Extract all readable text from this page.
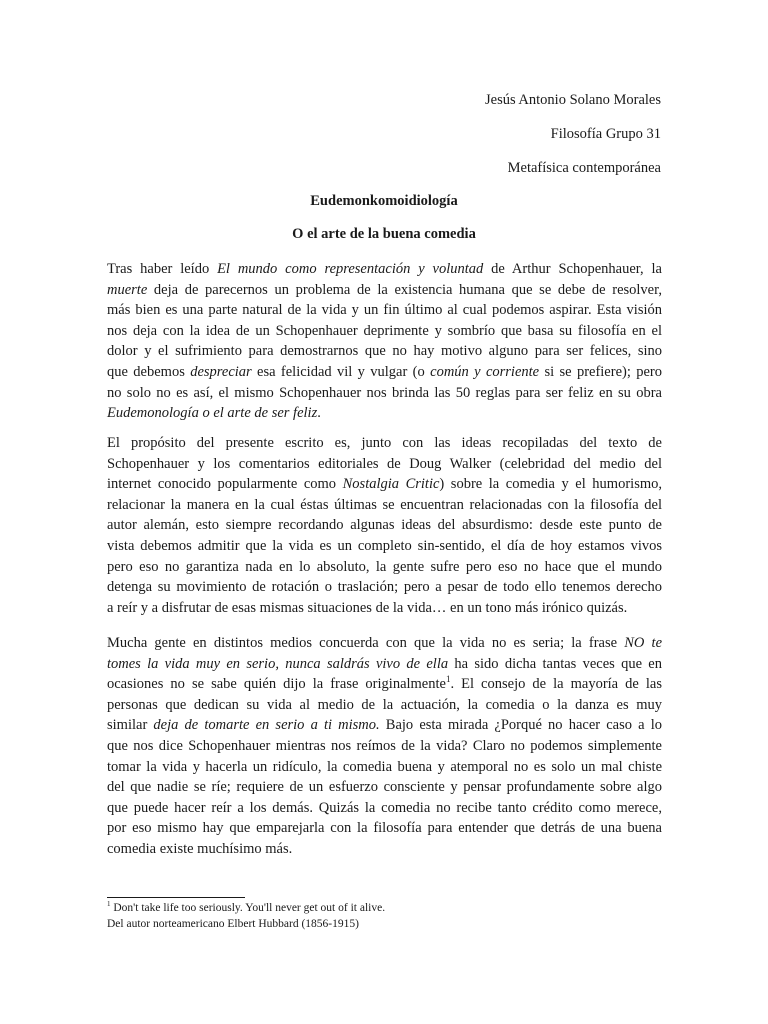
Jesús Antonio Solano Morales
Filosofía Grupo 31
Metafísica contemporánea
Eudemonkomoidiología
O el arte de la buena comedia
Tras haber leído El mundo como representación y voluntad de Arthur Schopenhauer, la
muerte deja de parecernos un problema de la existencia humana que se debe de resolver,
más bien es una parte natural de la vida y un fin último al cual podemos aspirar. Esta visión
nos deja con la idea de un Schopenhauer deprimente y sombrío que basa su filosofía en el
dolor y el sufrimiento para demostrarnos que no hay motivo alguno para ser felices, sino
que debemos despreciar esa felicidad vil y vulgar (o común y corriente si se prefiere); pero
no solo no es así, el mismo Schopenhauer nos brinda las 50 reglas para ser feliz en su obra
Eudemonología o el arte de ser feliz.
El propósito del presente escrito es, junto con las ideas recopiladas del texto de
Schopenhauer y los comentarios editoriales de Doug Walker (celebridad del medio del
internet conocido popularmente como Nostalgia Critic) sobre la comedia y el humorismo,
relacionar la manera en la cual éstas últimas se encuentran relacionadas con la filosofía del
autor alemán, esto siempre recordando algunas ideas del absurdismo: desde este punto de
vista debemos admitir que la vida es un completo sin-sentido, el día de hoy estamos vivos
pero eso no garantiza nada en lo absoluto, la gente sufre pero eso no hace que el mundo
detenga su movimiento de rotación o traslación; pero a pesar de todo ello tenemos derecho
a reír y a disfrutar de esas mismas situaciones de la vida… en un tono más irónico quizás.
Mucha gente en distintos medios concuerda con que la vida no es seria; la frase NO te
tomes la vida muy en serio, nunca saldrás vivo de ella ha sido dicha tantas veces que en
ocasiones no se sabe quién dijo la frase originalmente$^1$. El consejo de la mayoría de las
personas que dedican su vida al medio de la actuación, la comedia o la danza es muy
similar deja de tomarte en serio a ti mismo. Bajo esta mirada ¿Porqué no hacer caso a lo
que nos dice Schopenhauer mientras nos reímos de la vida? Claro no podemos simplemente
tomar la vida y hacerla un ridículo, la comedia buena y atemporal no es solo un mal chiste
del que nadie se ríe; requiere de un esfuerzo consciente y pensar profundamente sobre algo
que puede hacer reír a los demás. Quizás la comedia no recibe tanto crédito como merece,
por eso mismo hay que emparejarla con la filosofía para entender que detrás de una buena
comedia existe muchísimo más.
$^1$ Don't take life too seriously. You'll never get out of it alive.
Del autor norteamericano Elbert Hubbard (1856-1915)
